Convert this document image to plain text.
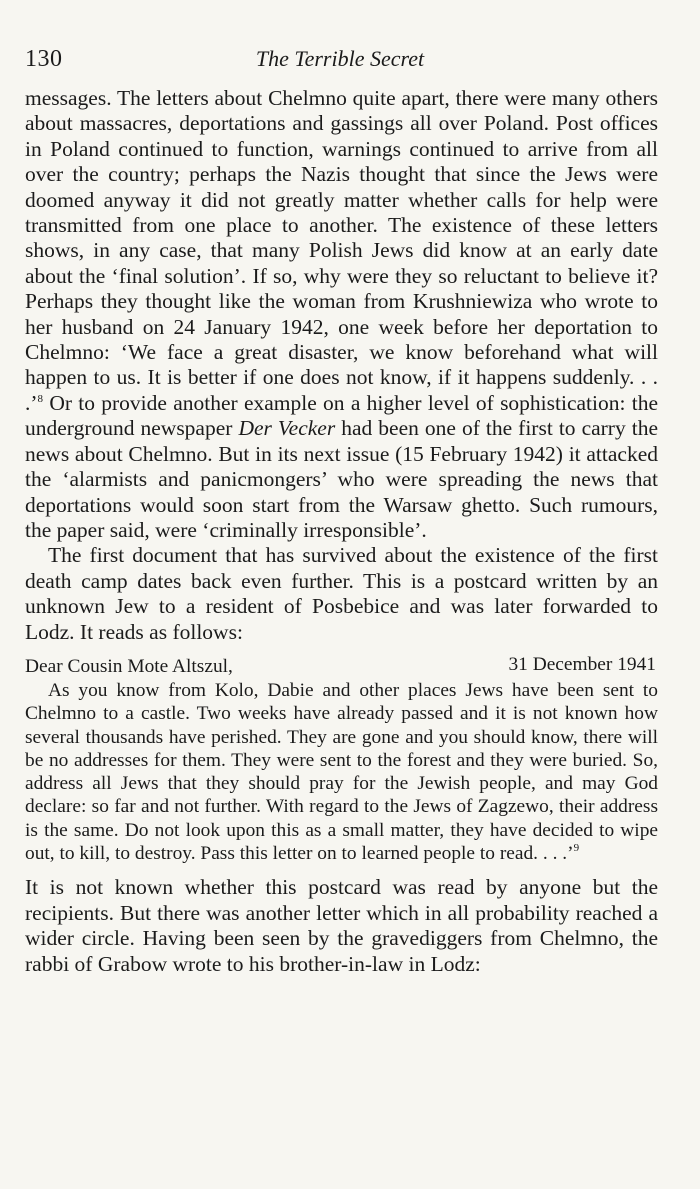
130	The Terrible Secret

messages. The letters about Chelmno quite apart, there were many others about massacres, deportations and gassings all over Poland. Post offices in Poland continued to function, warnings continued to arrive from all over the country; perhaps the Nazis thought that since the Jews were doomed anyway it did not greatly matter whether calls for help were transmitted from one place to another. The existence of these letters shows, in any case, that many Polish Jews did know at an early date about the ‘final solution’. If so, why were they so reluctant to believe it? Perhaps they thought like the woman from Krushniewiza who wrote to her husband on 24 January 1942, one week before her deportation to Chelmno: ‘We face a great disaster, we know beforehand what will happen to us. It is better if one does not know, if it happens suddenly. . . .’$^8$ Or to provide another example on a higher level of sophistication: the underground newspaper Der Vecker had been one of the first to carry the news about Chelmno. But in its next issue (15 February 1942) it attacked the ‘alarmists and panicmongers’ who were spreading the news that deportations would soon start from the Warsaw ghetto. Such rumours, the paper said, were ‘criminally irresponsible’.

The first document that has survived about the existence of the first death camp dates back even further. This is a postcard written by an unknown Jew to a resident of Posbebice and was later forwarded to Lodz. It reads as follows:

Dear Cousin Mote Altszul,	31 December 1941

As you know from Kolo, Dabie and other places Jews have been sent to Chelmno to a castle. Two weeks have already passed and it is not known how several thousands have perished. They are gone and you should know, there will be no addresses for them. They were sent to the forest and they were buried. So, address all Jews that they should pray for the Jewish people, and may God declare: so far and not further. With regard to the Jews of Zagzewo, their address is the same. Do not look upon this as a small matter, they have decided to wipe out, to kill, to destroy. Pass this letter on to learned people to read. . . .’$^9$

It is not known whether this postcard was read by anyone but the recipients. But there was another letter which in all probability reached a wider circle. Having been seen by the gravediggers from Chelmno, the rabbi of Grabow wrote to his brother-in-law in Lodz:
